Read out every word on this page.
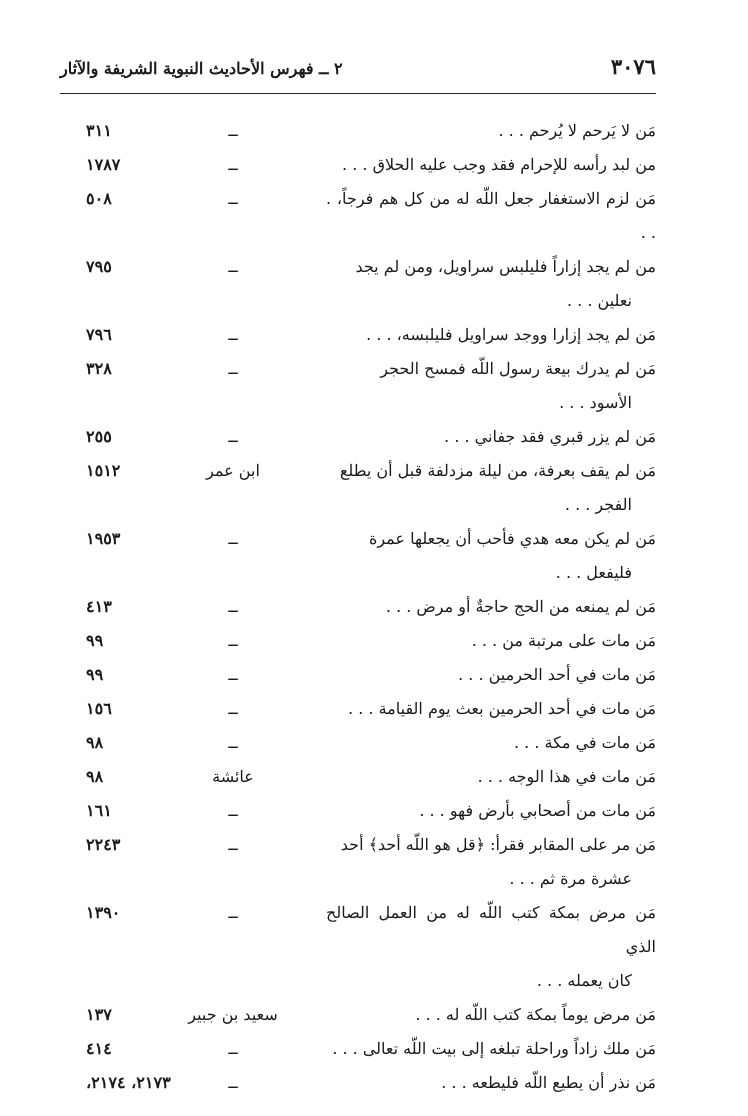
٣٠٧٦
٢ ــ فهرس الأحاديث النبوية الشريفة والآثار
مَن لا يَرحم لا يُرحم . . .
ــ
٣١١
من لبد رأسه للإحرام فقد وجب عليه الحلاق . . .
ــ
١٧٨٧
مَن لزم الاستغفار جعل اللّه له من كل هم فرجاً، . . .
ــ
٥٠٨
من لم يجد إزاراً فليلبس سراويل، ومن لم يجد
نعلين . . .
ــ
٧٩٥
مَن لم يجد إزارا ووجد سراويل فليلبسه، . . .
ــ
٧٩٦
مَن لم يدرك بيعة رسول اللّه فمسح الحجر
الأسود . . .
ــ
٣٢٨
مَن لم يزر قبري فقد جفاني . . .
ــ
٢٥٥
مَن لم يقف بعرفة، من ليلة مزدلفة قبل أن يطلع
الفجر . . .
ابن عمر
١٥١٢
مَن لم يكن معه هدي فأحب أن يجعلها عمرة
فليفعل . . .
ــ
١٩٥٣
مَن لم يمنعه من الحج حاجةٌ أو مرض . . .
ــ
٤١٣
مَن مات على مرتبة من . . .
ــ
٩٩
مَن مات في أحد الحرمين . . .
ــ
٩٩
مَن مات في أحد الحرمين بعث يوم القيامة . . .
ــ
١٥٦
مَن مات في مكة . . .
ــ
٩٨
مَن مات في هذا الوجه . . .
عائشة
٩٨
مَن مات من أصحابي بأرض فهو . . .
ــ
١٦١
مَن مر على المقابر فقرأ: ﴿قل هو اللّه أحد﴾ أحد
عشرة مرة ثم . . .
ــ
٢٢٤٣
مَن مرض بمكة كتب اللّه له من العمل الصالح الذي
كان يعمله . . .
ــ
١٣٩٠
مَن مرض يوماً بمكة كتب اللّه له . . .
سعيد بن جبير
١٣٧
مَن ملك زاداً وراحلة تبلغه إلى بيت اللّه تعالى . . .
ــ
٤١٤
مَن نذر أن يطيع اللّه فليطعه . . .
ــ
٢١٧٣، ٢١٧٤،
